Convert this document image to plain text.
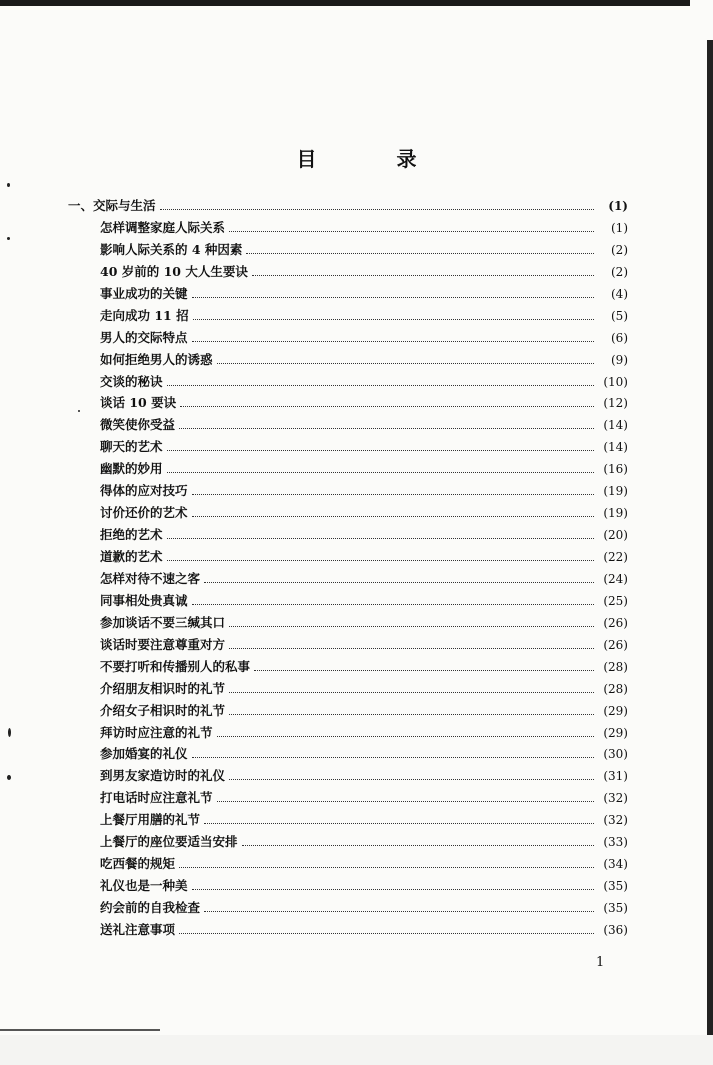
目　录
一、交际与生活	(1)
怎样调整家庭人际关系	(1)
影响人际关系的 4 种因素	(2)
40 岁前的 10 大人生要诀	(2)
事业成功的关键	(4)
走向成功 11 招	(5)
男人的交际特点	(6)
如何拒绝男人的诱惑	(9)
交谈的秘诀	(10)
谈话 10 要诀	(12)
微笑使你受益	(14)
聊天的艺术	(14)
幽默的妙用	(16)
得体的应对技巧	(19)
讨价还价的艺术	(19)
拒绝的艺术	(20)
道歉的艺术	(22)
怎样对待不速之客	(24)
同事相处贵真诚	(25)
参加谈话不要三缄其口	(26)
谈话时要注意尊重对方	(26)
不要打听和传播别人的私事	(28)
介绍朋友相识时的礼节	(28)
介绍女子相识时的礼节	(29)
拜访时应注意的礼节	(29)
参加婚宴的礼仪	(30)
到男友家造访时的礼仪	(31)
打电话时应注意礼节	(32)
上餐厅用膳的礼节	(32)
上餐厅的座位要适当安排	(33)
吃西餐的规矩	(34)
礼仪也是一种美	(35)
约会前的自我检查	(35)
送礼注意事项	(36)
1
